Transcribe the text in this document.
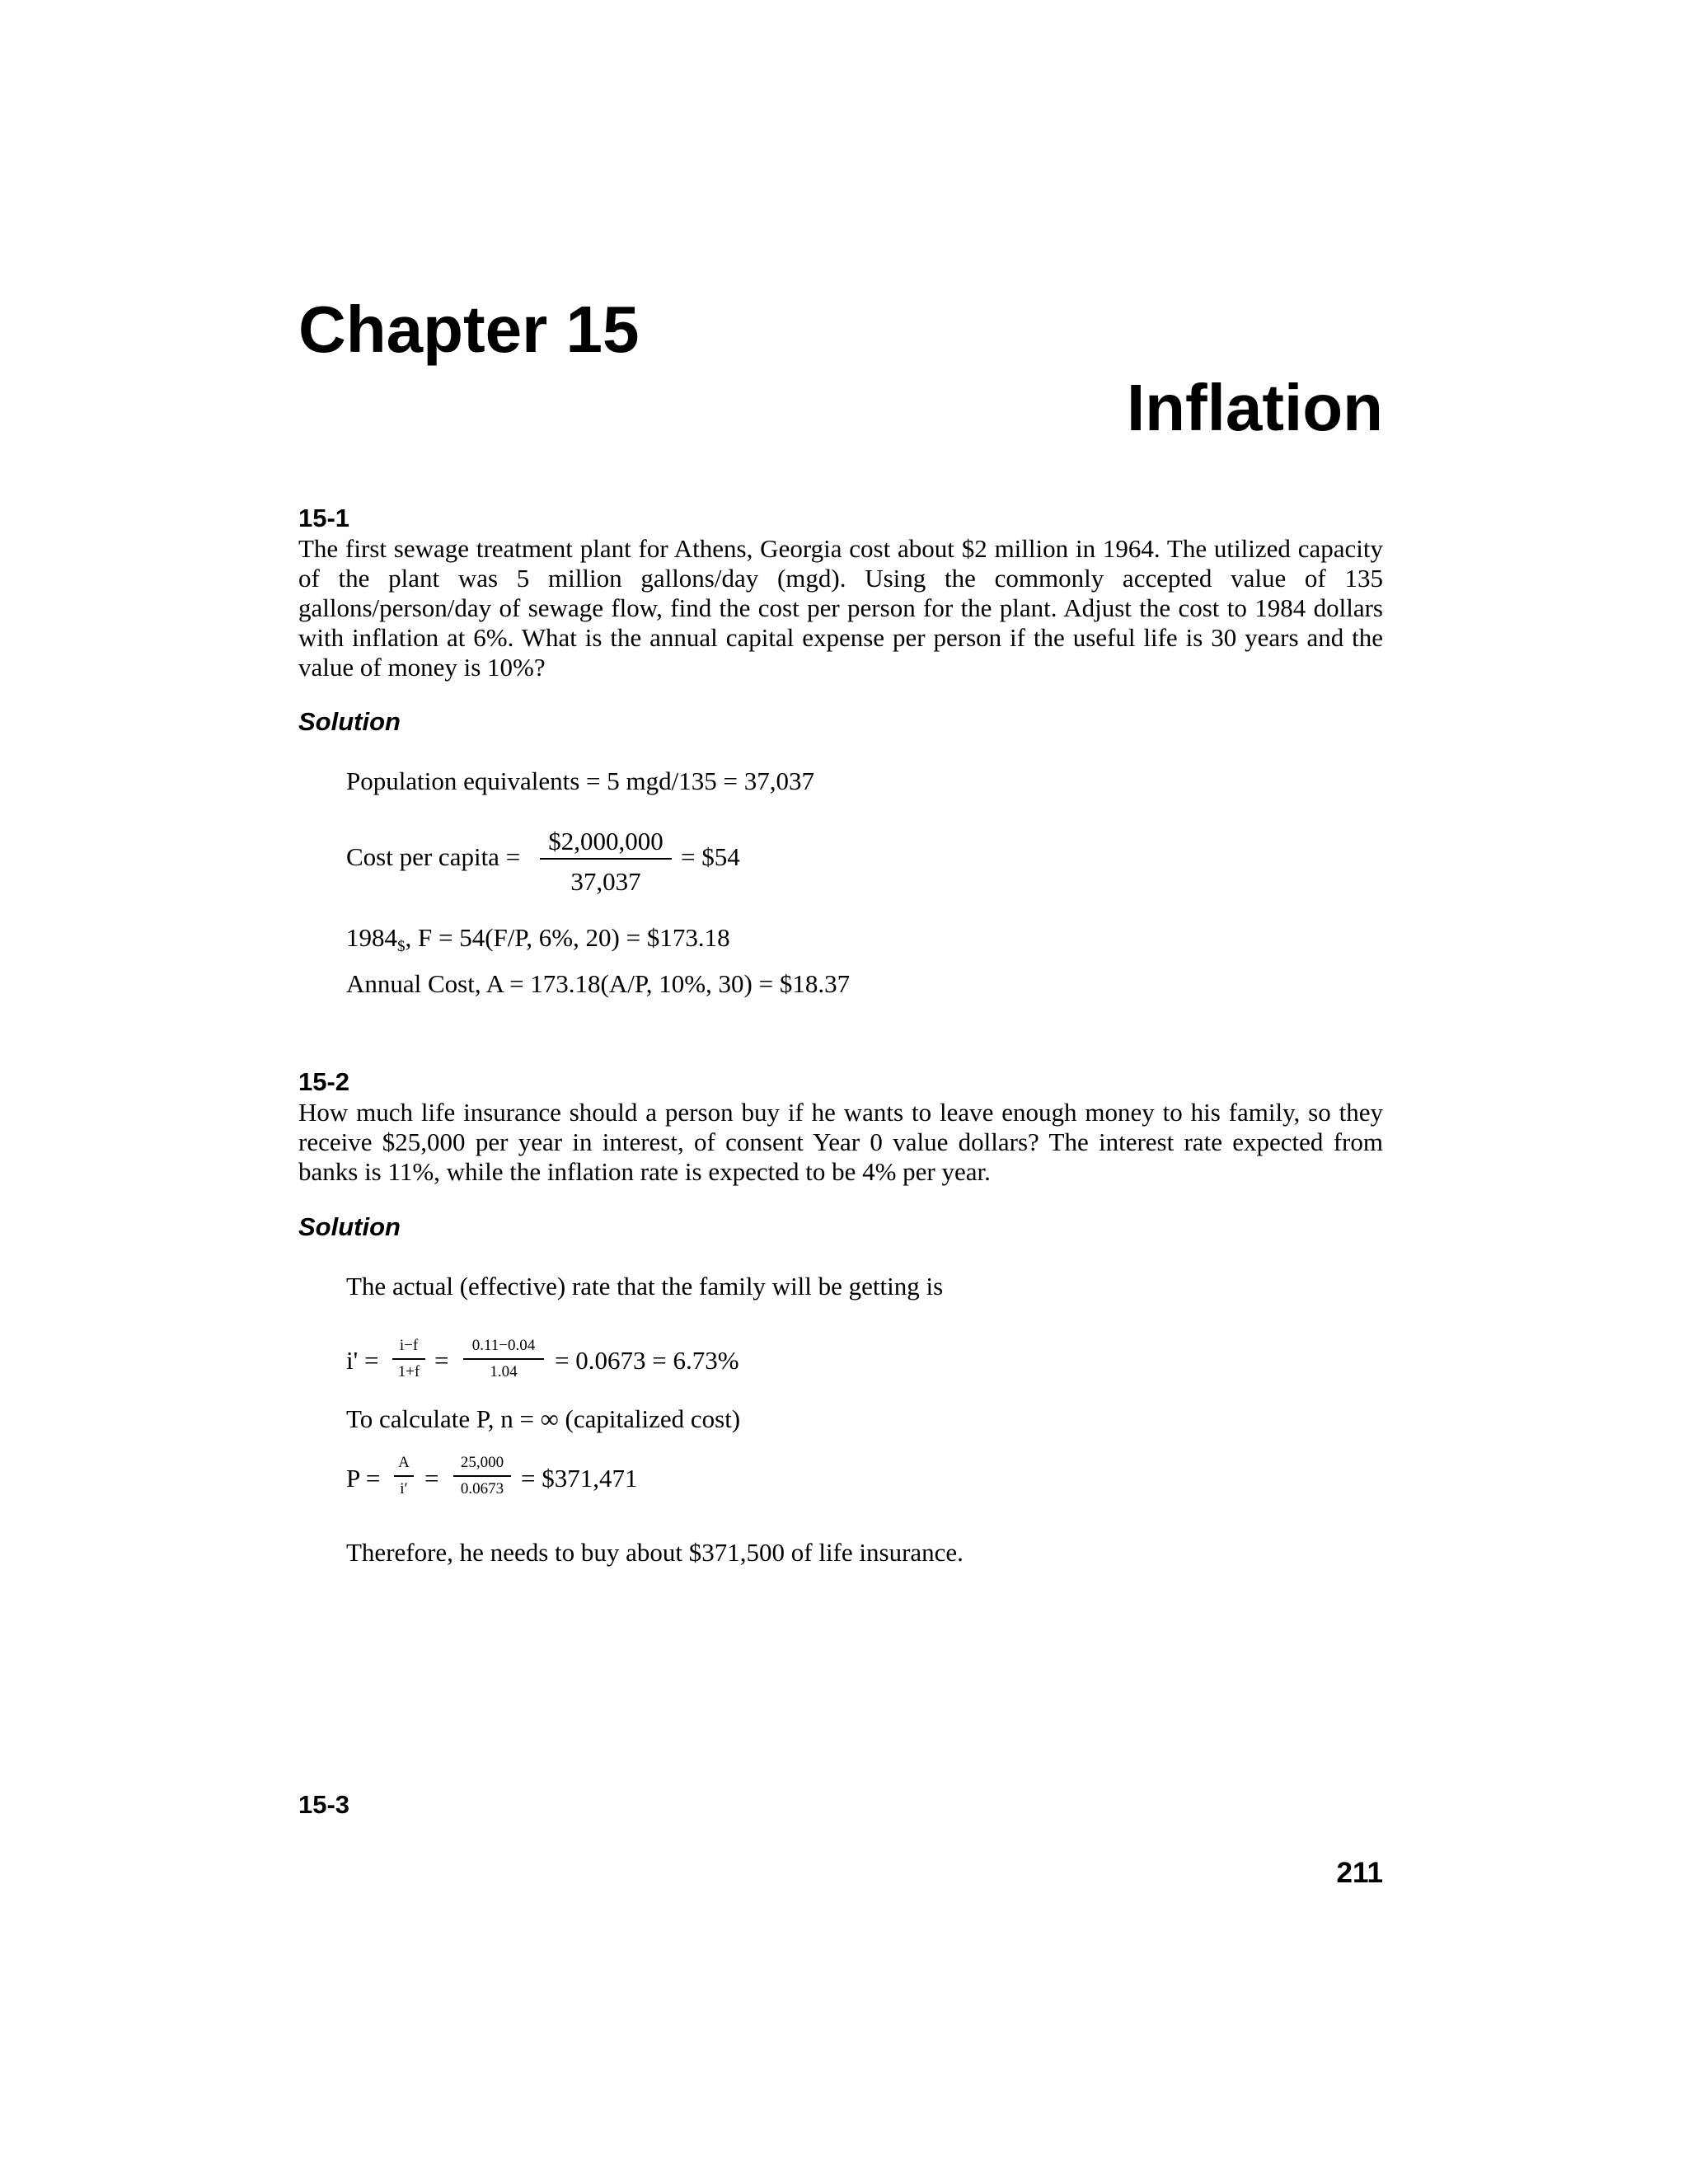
Chapter 15
Inflation
15-1

The first sewage treatment plant for Athens, Georgia cost about $2 million in 1964. The utilized capacity of the plant was 5 million gallons/day (mgd). Using the commonly accepted value of 135 gallons/person/day of sewage flow, find the cost per person for the plant. Adjust the cost to 1984 dollars with inflation at 6%. What is the annual capital expense per person if the useful life is 30 years and the value of money is 10%?

Solution
Population equivalents = 5 mgd/135 = 37,037
Cost per capita =
$2,000,000
37,037
= $54
$1984_{\$}$, F = 54(F/P, 6%, 20) = $173.18
Annual Cost, A = 173.18(A/P, 10%, 30) = $18.37
15-2

How much life insurance should a person buy if he wants to leave enough money to his family, so they receive $25,000 per year in interest, of consent Year 0 value dollars? The interest rate expected from banks is 11%, while the inflation rate is expected to be 4% per year.

Solution
The actual (effective) rate that the family will be getting is
i' =
i−f
1+f =
0.11−0.04
1.04	= 0.0673 = 6.73%
To calculate P, n = ∞ (capitalized cost)
P =
A
i′ =
25,000
0.0673 = $371,471
Therefore, he needs to buy about $371,500 of life insurance.
15-3
211
